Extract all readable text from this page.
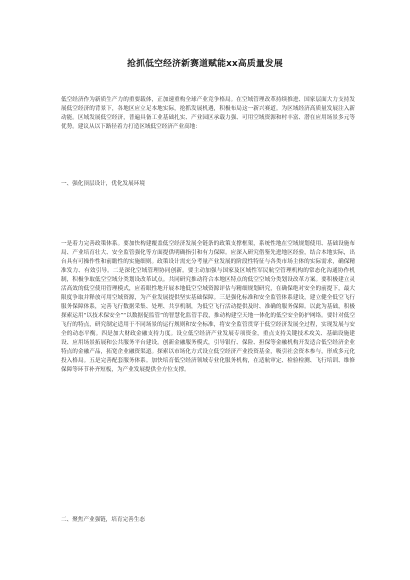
抢抓低空经济新赛道赋能xx高质量发展
低空经济作为新质生产力的重要载体，正加速重构全球产业竞争格局。在空域管理改革持续推进、国家层面大力支持发展低空经济的背景下，各地区应立足本地实际，抢抓发展机遇，积极布局这一新兴赛道。为区域经济高质量发展注入新动能。区域发展低空经济，普遍具备工业基础扎实、产业园区承载力强、可用空域资源和村丰富、潜在应用场景多元等优势。建议从以下路径着力打造区域低空经济产业高地：
一、强化顶层设计，优化发展环境
一是着力完善政策体系。要加快构建覆盖低空经济发展全链条的政策支撑框架，系统性地在空域规划使用、基础设施布局、产业培育壮大、安全监管强化等方面提供明确指引和有力保障。应深入研究借鉴先进地区经验，结合本地实际，出台具有可操作性和前瞻性的实施细则。政策设计需充分考量产业发展的阶段性特征与各类市场主体的实际需求，确保精准发力、有效引导。二是深化空域管理协同创新。要主动加强与国家及区域性军民航空管理机构的常态化沟通协作机制，积极争取低空空域分类划设改革试点。共同研究推动符合本地区特点的低空空域分类划设改革方案。要积极建立灵活高效的低空使用管理模式，应着眼性地开展本地低空空域资源评估与精细规划研究，在确保绝对安全的前提下，最大限度争取并释放可用空域资源，为产业发展提供坚实基础保障。三是强化标准和安全监管体系建设，建立健全低空飞行服务保障体系，完善飞行数据采集、处理、共享机制，为低空飞行活动提供及时、准确的服务保障。以此为基础，积极探索运用“以技术保安全”“以数据促监管”的智慧化监管手段，推动构建空天地一体化的低空安全防护网络。要针对低空飞行的特点，研究制定适用于不同场景的运行规则和安全标准，将安全监管贯穿于低空经济发展全过程，实现发展与安全的动态平衡。四是加大财政金融支持力度。设立低空经济产业发展专项资金，重点支持关键技术攻关、基础设施建设、应用场景拓展和公共服务平台建设。创新金融服务模式，引导银行、保险、担保等金融机构开发适合低空经济企业特点的金融产品，拓宽企业融资渠道。探索以市场化方式设立低空经济产业投资基金，吸引社会资本参与，形成多元化投入格局。五是完善配套服务体系。加快培育低空经济领域专业化服务机构，在适航审定、检验检测、飞行培训、维修保障等环节补齐短板，为产业发展提供全方位支撑。
二、聚焦产业强链，培育完善生态
